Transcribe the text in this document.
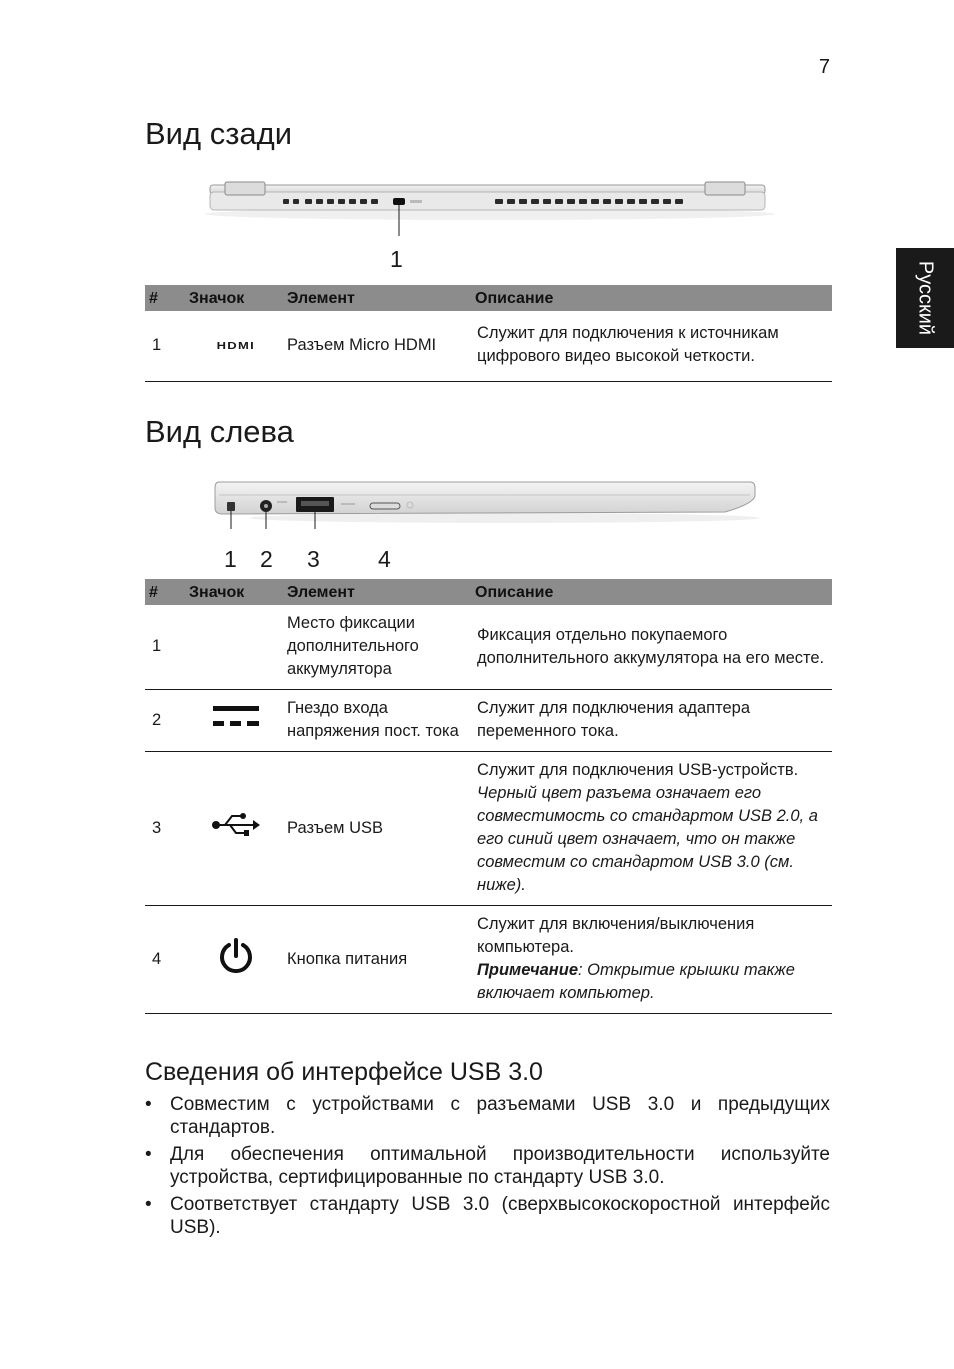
7
Русский
Вид сзади
1
#	Значок	Элемент	Описание
1	HDMI	Разъем Micro HDMI	Служит для подключения к источникам цифрового видео высокой четкости.
Вид слева
1 2 3	4
#	Значок	Элемент	Описание
1		Место фиксации дополнительного аккумулятора	Фиксация отдельно покупаемого дополнительного аккумулятора на его месте.
2		Гнездо входа напряжения пост. тока	Служит для подключения адаптера переменного тока.
3		Разъем USB	Служит для подключения USB-устройств.
Черный цвет разъема означает его совместимость со стандартом USB 2.0, а его синий цвет означает, что он также совместим со стандартом USB 3.0 (см. ниже).

4		Кнопка питания	Служит для включения/выключения компьютера.
Примечание: Открытие крышки также включает компьютер.
Сведения об интерфейсе USB 3.0
• Совместим с устройствами с разъемами USB 3.0 и предыдущих стандартов.
• Для обеспечения оптимальной производительности используйте устройства, сертифицированные по стандарту USB 3.0.
• Соответствует стандарту USB 3.0 (сверхвысокоскоростной интерфейс USB).
